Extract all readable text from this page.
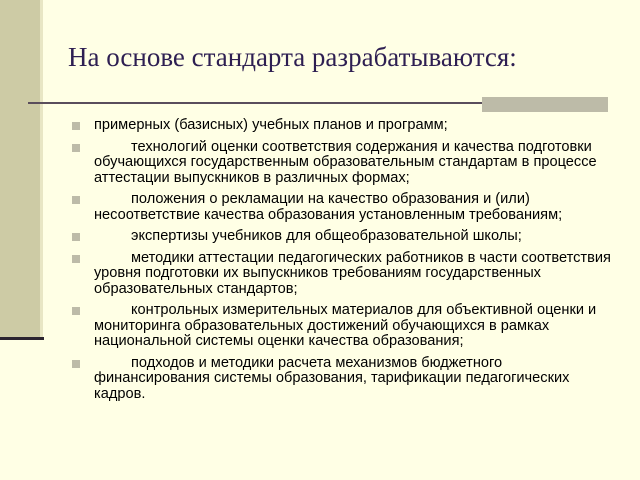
На основе стандарта разрабатываются:
примерных (базисных) учебных планов и программ;
технологий оценки соответствия содержания и качества подготовки обучающихся государственным образовательным стандартам в процессе аттестации выпускников в различных формах;
положения о рекламации на качество образования и (или) несоответствие качества образования установленным требованиям;
экспертизы учебников для общеобразовательной школы;
методики аттестации педагогических работников в части соответствия уровня подготовки их выпускников требованиям государственных образовательных стандартов;
контрольных измерительных материалов для объективной оценки и мониторинга образовательных достижений обучающихся в рамках национальной системы оценки качества образования;
подходов и методики расчета механизмов бюджетного финансирования системы образования, тарификации педагогических кадров.
